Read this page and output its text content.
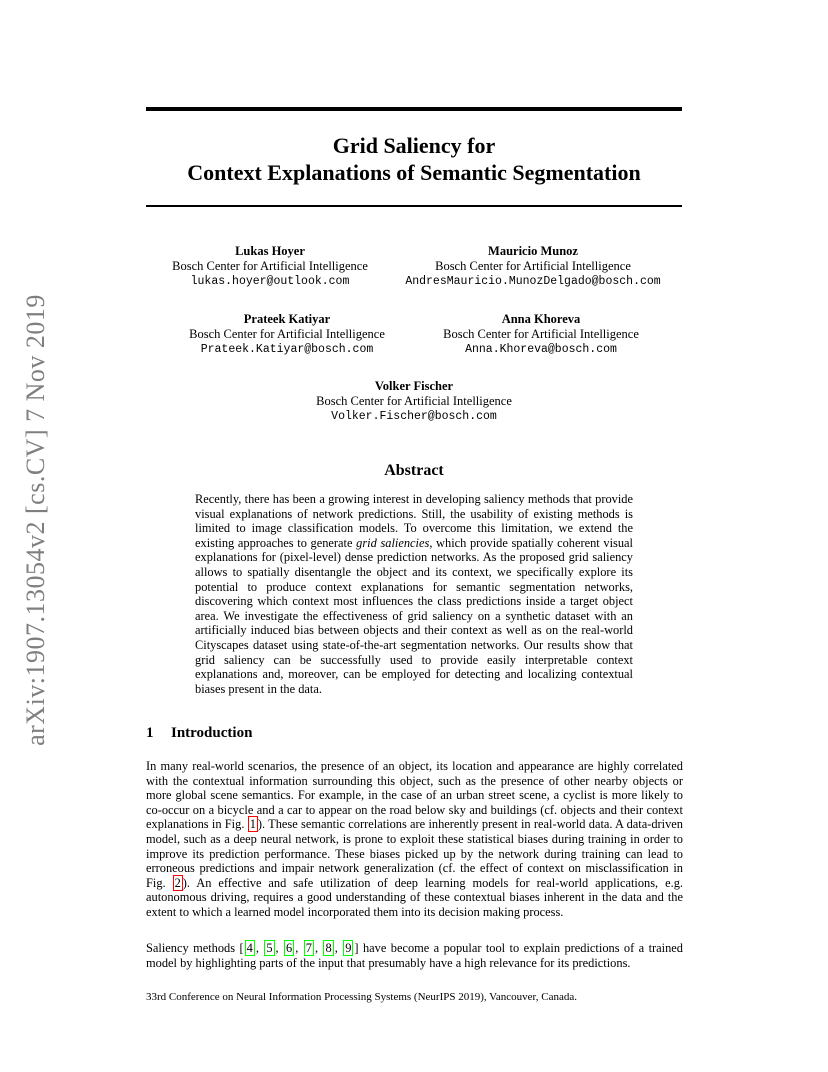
arXiv:1907.13054v2 [cs.CV] 7 Nov 2019
Grid Saliency for
Context Explanations of Semantic Segmentation
Lukas Hoyer
Bosch Center for Artificial Intelligence
lukas.hoyer@outlook.com
Mauricio Munoz
Bosch Center for Artificial Intelligence
AndresMauricio.MunozDelgado@bosch.com
Prateek Katiyar
Bosch Center for Artificial Intelligence
Prateek.Katiyar@bosch.com
Anna Khoreva
Bosch Center for Artificial Intelligence
Anna.Khoreva@bosch.com
Volker Fischer
Bosch Center for Artificial Intelligence
Volker.Fischer@bosch.com
Abstract
Recently, there has been a growing interest in developing saliency methods that provide visual explanations of network predictions. Still, the usability of existing methods is limited to image classification models. To overcome this limitation, we extend the existing approaches to generate grid saliencies, which provide spatially coherent visual explanations for (pixel-level) dense prediction networks. As the proposed grid saliency allows to spatially disentangle the object and its context, we specifically explore its potential to produce context explanations for semantic segmentation networks, discovering which context most influences the class predictions inside a target object area. We investigate the effectiveness of grid saliency on a synthetic dataset with an artificially induced bias between objects and their context as well as on the real-world Cityscapes dataset using state-of-the-art segmentation networks. Our results show that grid saliency can be successfully used to provide easily interpretable context explanations and, moreover, can be employed for detecting and localizing contextual biases present in the data.
1 Introduction
In many real-world scenarios, the presence of an object, its location and appearance are highly correlated with the contextual information surrounding this object, such as the presence of other nearby objects or more global scene semantics. For example, in the case of an urban street scene, a cyclist is more likely to co-occur on a bicycle and a car to appear on the road below sky and buildings (cf. objects and their context explanations in Fig. 1 ). These semantic correlations are inherently present in real-world data. A data-driven model, such as a deep neural network, is prone to exploit these statistical biases during training in order to improve its prediction performance. These biases picked up by the network during training can lead to erroneous predictions and impair network generalization (cf. the effect of context on misclassification in Fig. 2 ). An effective and safe utilization of deep learning models for real-world applications, e.g. autonomous driving, requires a good understanding of these contextual biases inherent in the data and the extent to which a learned model incorporated them into its decision making process.
Saliency methods [ 4 , 5 , 6 , 7 , 8 , 9 ] have become a popular tool to explain predictions of a trained model by highlighting parts of the input that presumably have a high relevance for its predictions.
33rd Conference on Neural Information Processing Systems (NeurIPS 2019), Vancouver, Canada.
